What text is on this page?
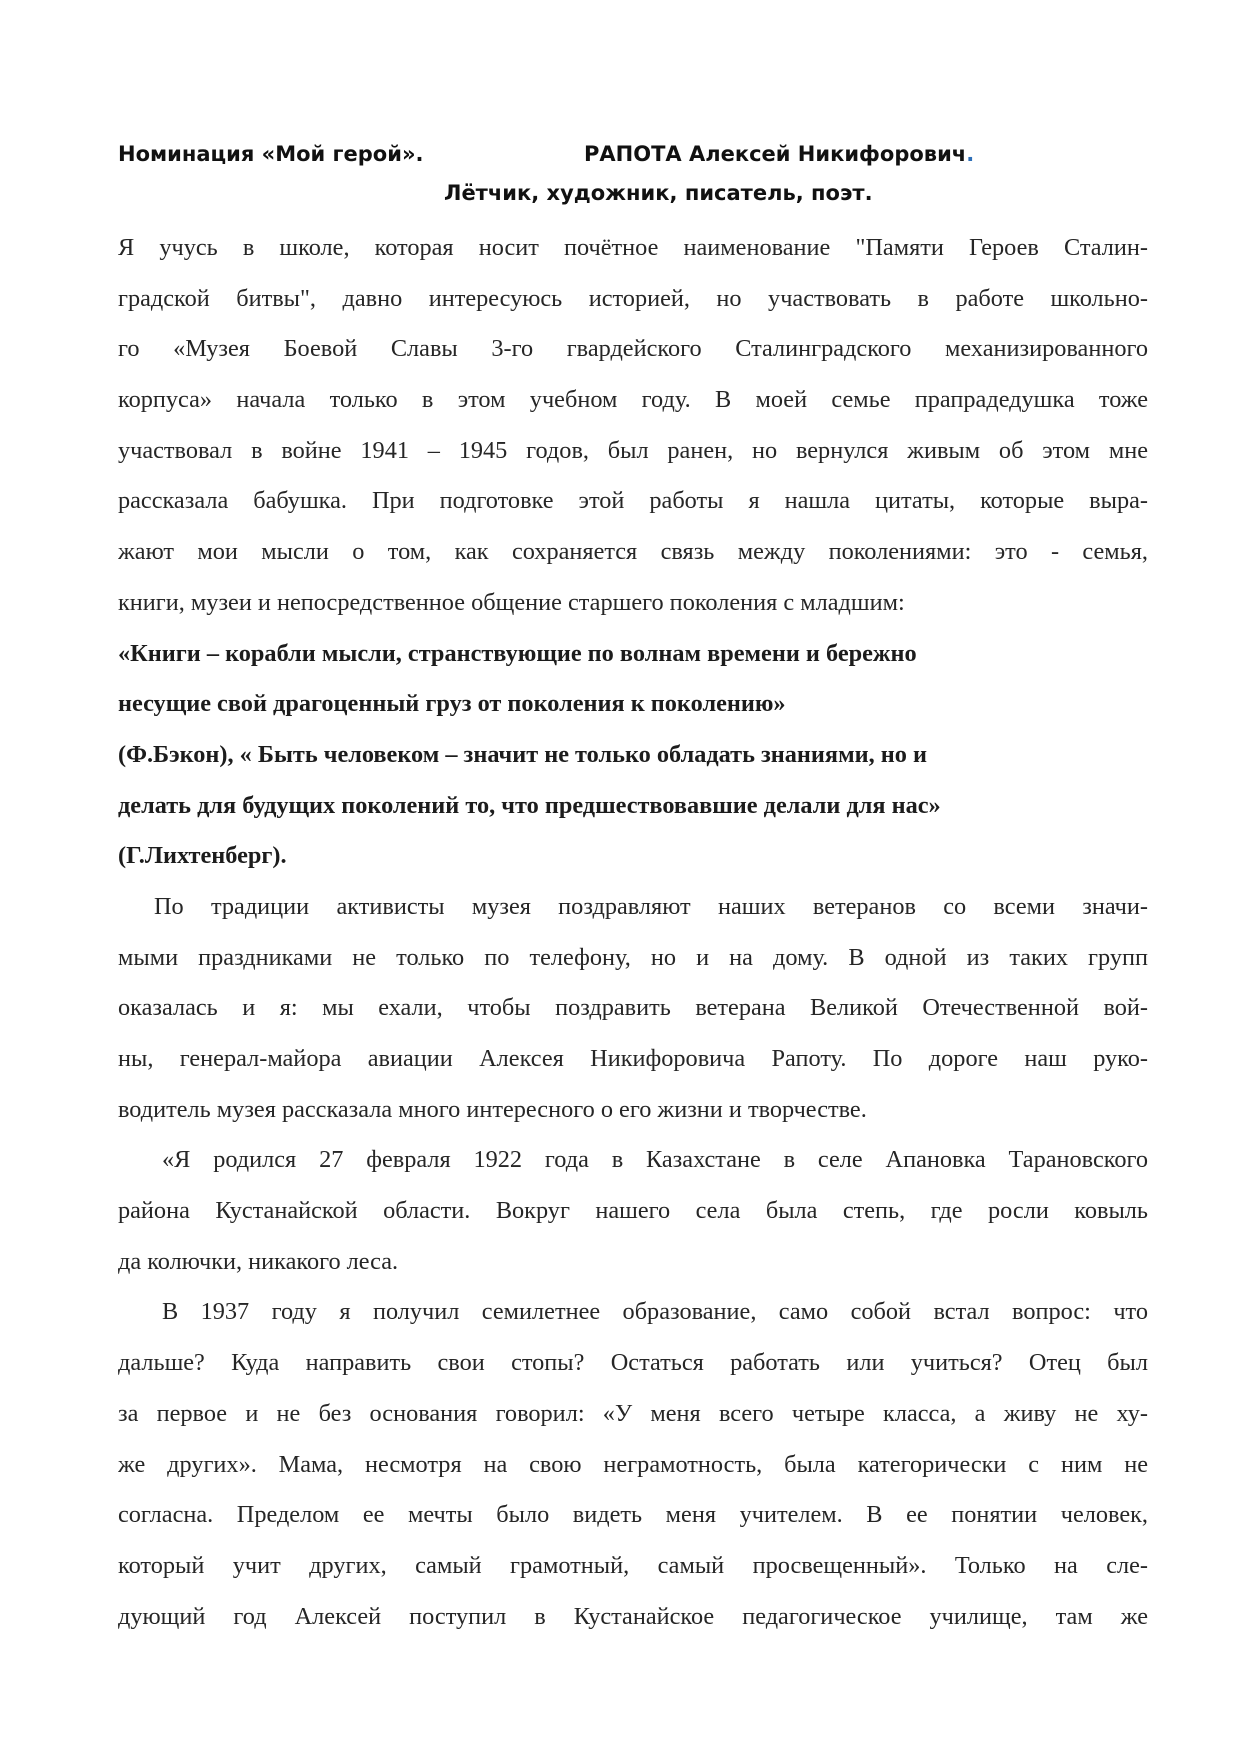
Номинация «Мой герой».	РАПОТА Алексей Никифорович.
Лётчик, художник, писатель, поэт.
Я учусь в школе, которая носит почётное наименование "Памяти Героев Сталин-
градской битвы", давно интересуюсь историей, но участвовать в работе школьно-
го «Музея Боевой Славы 3-го гвардейского Сталинградского механизированного
корпуса» начала только в этом учебном году. В моей семье прапрадедушка тоже
участвовал в войне 1941 – 1945 годов, был ранен, но вернулся живым об этом мне
рассказала бабушка. При подготовке этой работы я нашла цитаты, которые выра-
жают мои мысли о том, как сохраняется связь между поколениями: это - семья,
книги, музеи и непосредственное общение старшего поколения с младшим:
«Книги – корабли мысли, странствующие по волнам времени и бережно
несущие свой драгоценный груз от поколения к поколению»
(Ф.Бэкон), « Быть человеком – значит не только обладать знаниями, но и
делать для будущих поколений то, что предшествовавшие делали для нас»
(Г.Лихтенберг).
По традиции активисты музея поздравляют наших ветеранов со всеми значи-
мыми праздниками не только по телефону, но и на дому. В одной из таких групп
оказалась и я: мы ехали, чтобы поздравить ветерана Великой Отечественной вой-
ны, генерал-майора авиации Алексея Никифоровича Рапоту. По дороге наш руко-
водитель музея рассказала много интересного о его жизни и творчестве.
«Я родился 27 февраля 1922 года в Казахстане в селе Апановка Тарановского
района Кустанайской области. Вокруг нашего села была степь, где росли ковыль
да колючки, никакого леса.
В 1937 году я получил семилетнее образование, само собой встал вопрос: что
дальше? Куда направить свои стопы? Остаться работать или учиться? Отец был
за первое и не без основания говорил: «У меня всего четыре класса, а живу не ху-
же других». Мама, несмотря на свою неграмотность, была категорически с ним не
согласна. Пределом ее мечты было видеть меня учителем. В ее понятии человек,
который учит других, самый грамотный, самый просвещенный». Только на сле-
дующий год Алексей поступил в Кустанайское педагогическое училище, там же
